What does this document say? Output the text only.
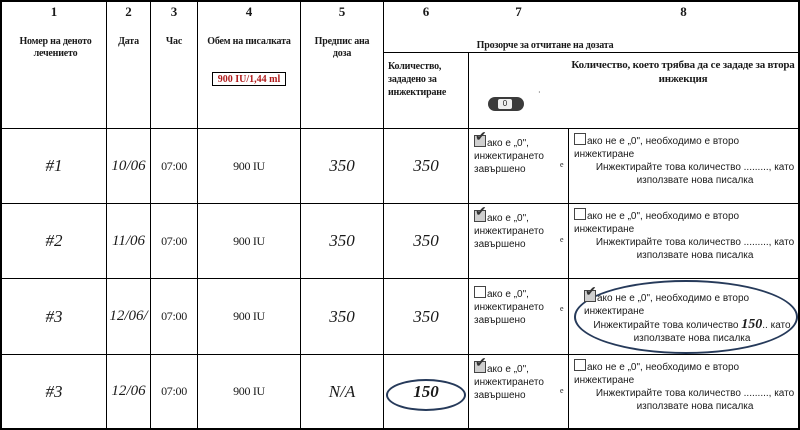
1	2	3	4	5	6	7	8
Номер на деното лечението
Дата	Час	Обем на писалката
900 IU/1,44 ml
Предпис ана доза
Прозорче за отчитане на дозата
Количество, зададено за инжектиране
Количество, което трябва да се зададе за втора инжекция
0
·
#1	10/06	07:00	900 IU	350	350
✔ако е „0", инжектирането завършено	е
ако не е „0", необходимо е второ инжектиране
Инжектирайте това количество ........., като използвате нова писалка
#2	11/06	07:00	900 IU	350	350
✔ако е „0", инжектирането завършено	е
ако не е „0", необходимо е второ инжектиране
Инжектирайте това количество ........., като използвате нова писалка
#3	12/06/	07:00	900 IU	350	350
ако е „0", инжектирането завършено
е
✔ако не е „0", необходимо е второ инжектиране
Инжектирайте това количество 150.. като използвате нова писалка
#3	12/06	07:00	900 IU	N/A	150
✔ако е „0", инжектирането завършено	е
ако не е „0", необходимо е второ инжектиране
Инжектирайте това количество ........., като използвате нова писалка
